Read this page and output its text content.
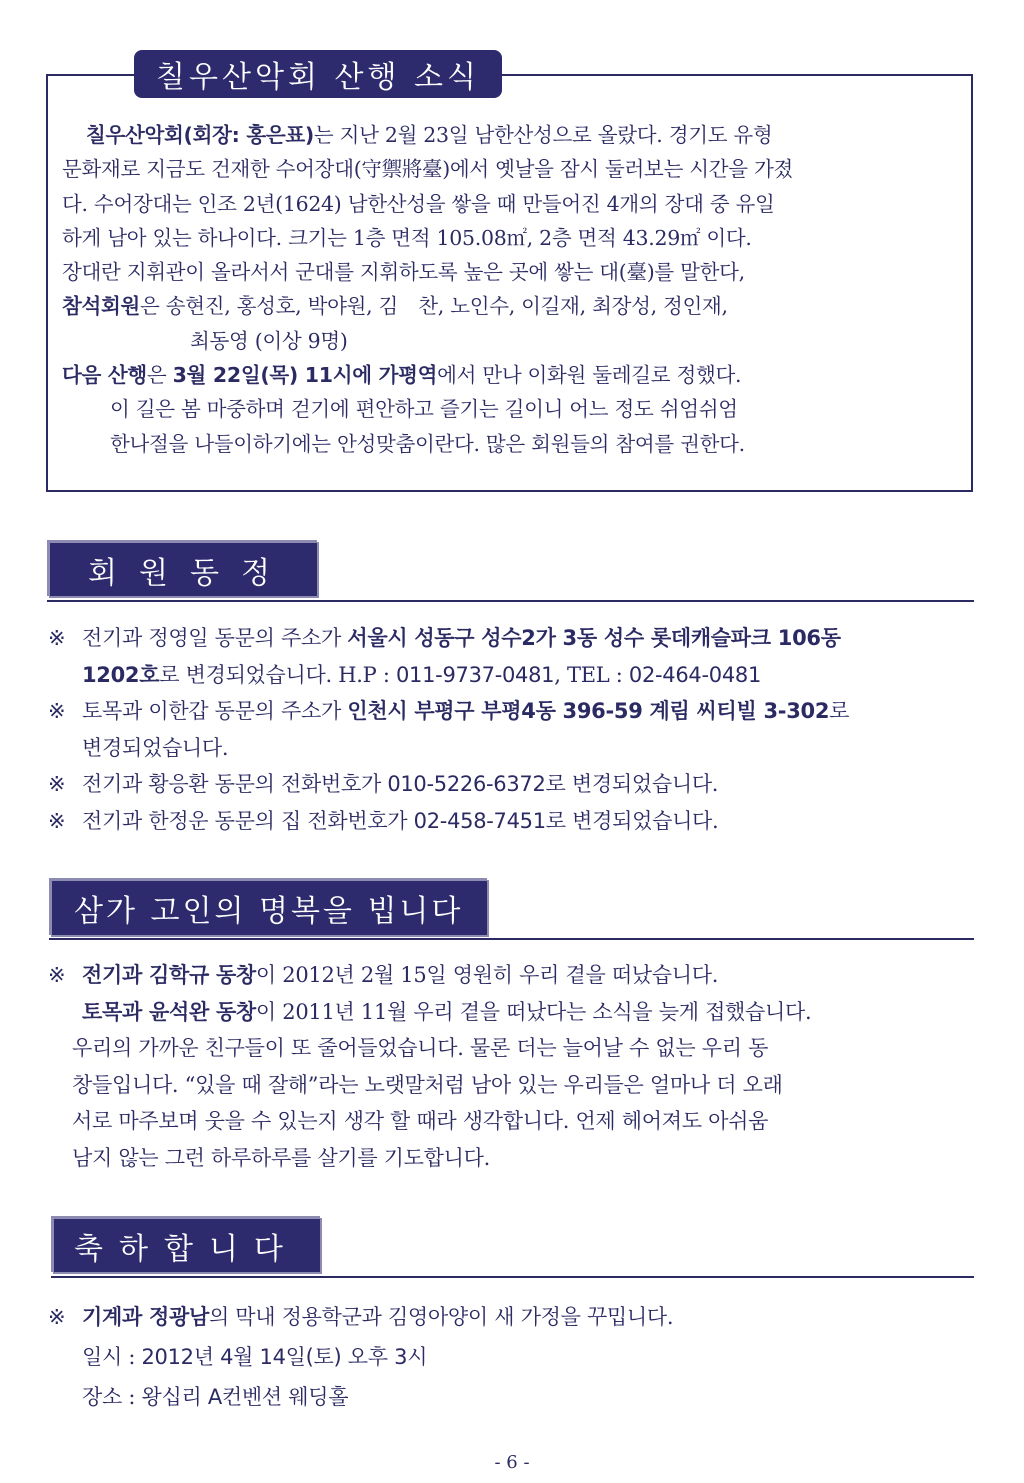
칠우산악회 산행 소식
칠우산악회(회장: 홍은표)는 지난 2월 23일 남한산성으로 올랐다. 경기도 유형
문화재로 지금도 건재한 수어장대(守禦將臺)에서 옛날을 잠시 둘러보는 시간을 가졌
다. 수어장대는 인조 2년(1624) 남한산성을 쌓을 때 만들어진 4개의 장대 중 유일
하게 남아 있는 하나이다. 크기는 1층 면적 105.08㎡, 2층 면적 43.29㎡ 이다.
장대란 지휘관이 올라서서 군대를 지휘하도록 높은 곳에 쌓는 대(臺)를 말한다,
참석회원은 송현진, 홍성호, 박야원, 김　찬, 노인수, 이길재, 최장성, 정인재,
최동영 (이상 9명)
다음 산행은 3월 22일(목) 11시에 가평역에서 만나 이화원 둘레길로 정했다.
이 길은 봄 마중하며 걷기에 편안하고 즐기는 길이니 어느 정도 쉬엄쉬엄
한나절을 나들이하기에는 안성맞춤이란다. 많은 회원들의 참여를 권한다.
회원동정
※ 전기과 정영일 동문의 주소가 서울시 성동구 성수2가 3동 성수 롯데캐슬파크 106동
1202호로 변경되었습니다. H.P : 011-9737-0481, TEL : 02-464-0481
※ 토목과 이한갑 동문의 주소가 인천시 부평구 부평4동 396-59 계림 씨티빌 3-302로
변경되었습니다.
※ 전기과 황응환 동문의 전화번호가 010-5226-6372로 변경되었습니다.
※ 전기과 한정운 동문의 집 전화번호가 02-458-7451로 변경되었습니다.
삼가 고인의 명복을 빕니다
※ 전기과 김학규 동창이 2012년 2월 15일 영원히 우리 곁을 떠났습니다.
토목과 윤석완 동창이 2011년 11월 우리 곁을 떠났다는 소식을 늦게 접했습니다.
우리의 가까운 친구들이 또 줄어들었습니다. 물론 더는 늘어날 수 없는 우리 동
창들입니다. “있을 때 잘해”라는 노랫말처럼 남아 있는 우리들은 얼마나 더 오래
서로 마주보며 웃을 수 있는지 생각 할 때라 생각합니다. 언제 헤어져도 아쉬움
남지 않는 그런 하루하루를 살기를 기도합니다.
축하합니다
※ 기계과 정광남의 막내 정용학군과 김영아양이 새 가정을 꾸밉니다.
일시 : 2012년 4월 14일(토) 오후 3시
장소 : 왕십리 A컨벤션 웨딩홀
- 6 -
